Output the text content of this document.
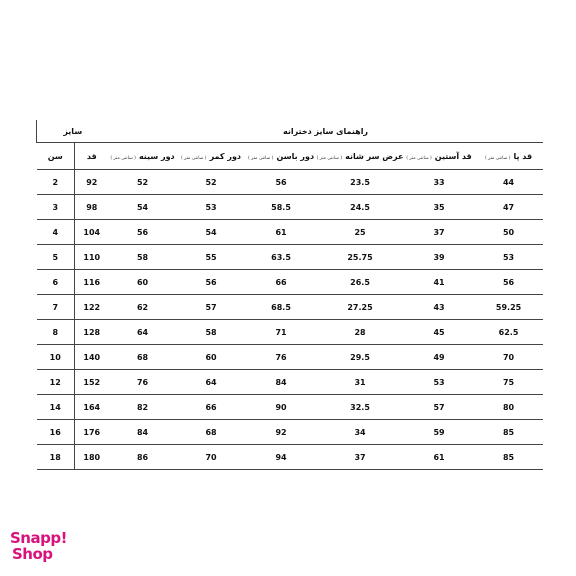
سایز		راهنمای سایز دخترانه					
سن	قد	دور سینه( سانتی متر )	دور کمر( سانتی متر )	دور باسن( سانتی متر )	عرض سر شانه( سانتی متر )	قد آستین( سانتی متر )	قد پا( سانتی متر )
2	92	52	52	56	23.5	33	44
3	98	54	53	58.5	24.5	35	47
4	104	56	54	61	25	37	50
5	110	58	55	63.5	25.75	39	53
6	116	60	56	66	26.5	41	56
7	122	62	57	68.5	27.25	43	59.25
8	128	64	58	71	28	45	62.5
10	140	68	60	76	29.5	49	70
12	152	76	64	84	31	53	75
14	164	82	66	90	32.5	57	80
16	176	84	68	92	34	59	85
18	180	86	70	94	37	61	85
Snapp!
Shop
